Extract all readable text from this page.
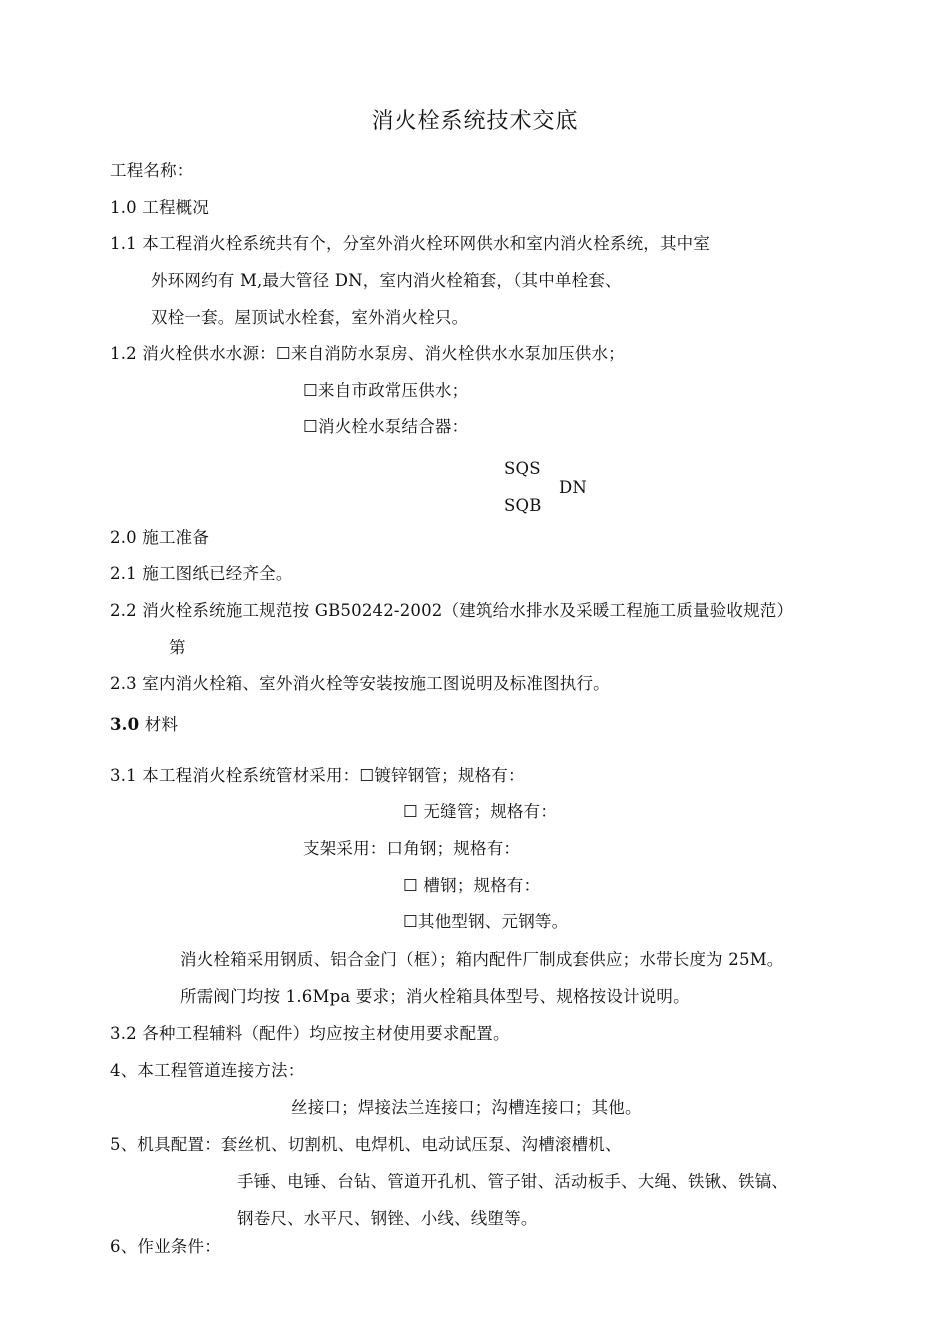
消火栓系统技术交底
工程名称：
1.0 工程概况
1.1 本工程消火栓系统共有个，分室外消火栓环网供水和室内消火栓系统，其中室
外环网约有 M,最大管径 DN，室内消火栓箱套，（其中单栓套、
双栓一套。屋顶试水栓套，室外消火栓只。
1.2 消火栓供水水源：☐来自消防水泵房、消火栓供水水泵加压供水；
☐来自市政常压供水；
☐消火栓水泵结合器：
SQS
DN
SQB
2.0 施工准备
2.1 施工图纸已经齐全。
2.2 消火栓系统施工规范按 GB50242-2002（建筑给水排水及采暖工程施工质量验收规范）
第
2.3 室内消火栓箱、室外消火栓等安装按施工图说明及标准图执行。
3.0 材料
3.1 本工程消火栓系统管材采用：☐镀锌钢管；规格有：
☐ 无缝管；规格有：
支架采用：口角钢；规格有：
☐ 槽钢；规格有：
☐其他型钢、元钢等。
消火栓箱采用钢质、铝合金门（框）；箱内配件厂制成套供应；水带长度为 25M。
所需阀门均按 1.6Mpa 要求；消火栓箱具体型号、规格按设计说明。
3.2 各种工程辅料（配件）均应按主材使用要求配置。
4、本工程管道连接方法：
丝接口；焊接法兰连接口；沟槽连接口；其他。
5、机具配置：套丝机、切割机、电焊机、电动试压泵、沟槽滚槽机、
手锤、电锤、台钻、管道开孔机、管子钳、活动板手、大绳、铁锹、铁镐、
钢卷尺、水平尺、钢锉、小线、线堕等。
6、作业条件：
